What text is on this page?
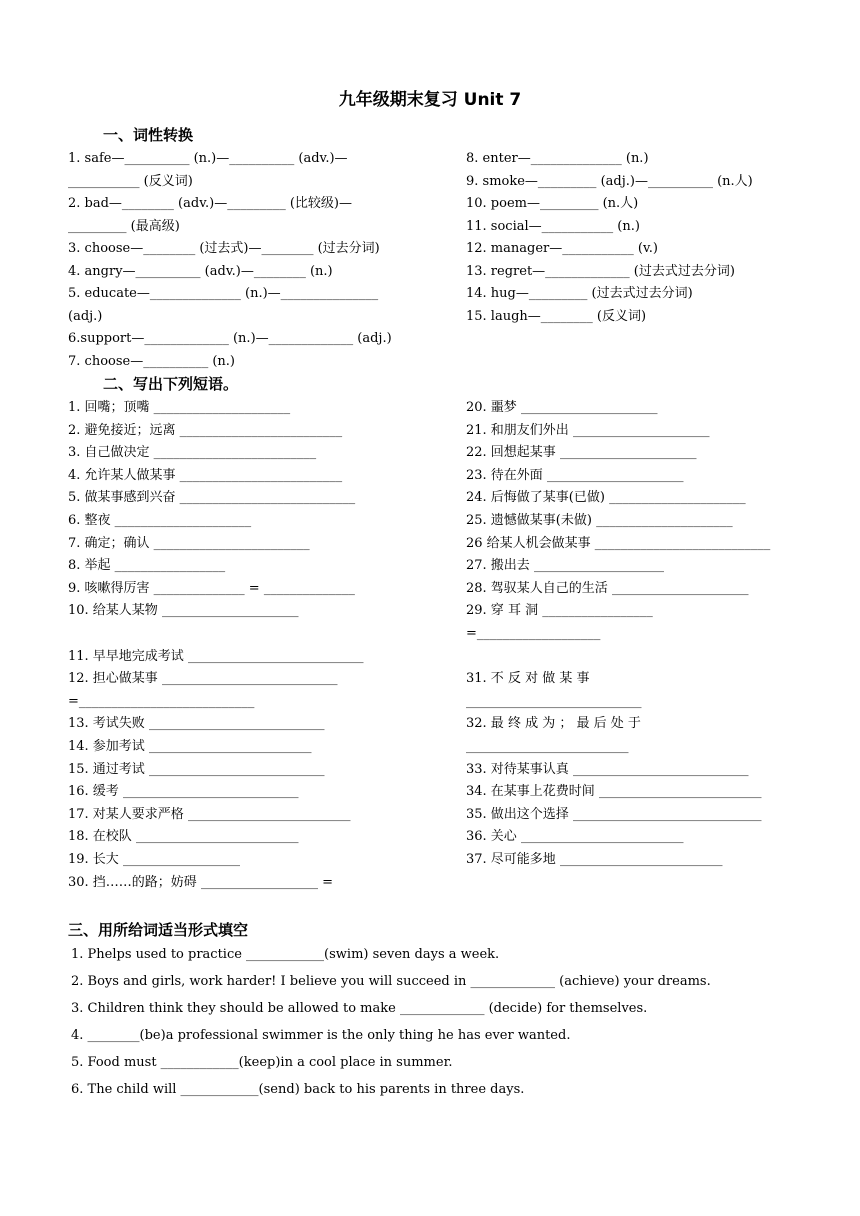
九年级期末复习 Unit 7
一、词性转换
1. safe—__________ (n.)—__________ (adv.)—
___________ (反义词)
2. bad—________ (adv.)—_________ (比较级)—
_________ (最高级)
3. choose—________ (过去式)—________ (过去分词)
4. angry—__________ (adv.)—________ (n.)
5. educate—______________ (n.)—_______________
(adj.)
6.support—_____________ (n.)—_____________ (adj.)
7. choose—__________ (n.)
8. enter—______________ (n.)
9. smoke—_________ (adj.)—__________ (n.人)
10. poem—_________ (n.人)
11. social—___________ (n.)
12. manager—___________ (v.)
13. regret—_____________ (过去式过去分词)
14. hug—_________ (过去式过去分词)
15. laugh—________ (反义词)
二、写出下列短语。
1. 回嘴；顶嘴 _____________________
2. 避免接近；远离 _________________________
3. 自己做决定 _________________________
4. 允许某人做某事 _________________________
5. 做某事感到兴奋 ___________________________
6. 整夜 _____________________
7. 确定；确认 ________________________
8. 举起 _________________
9. 咳嗽得厉害 ______________ = ______________
10. 给某人某物 _____________________
11. 早早地完成考试 ___________________________
12. 担心做某事 ___________________________
=___________________________
13. 考试失败 ___________________________
14. 参加考试 _________________________
15. 通过考试 ___________________________
16. 缓考 ___________________________
17. 对某人要求严格 _________________________
18. 在校队 _________________________
19. 长大 __________________
30. 挡……的路；妨碍 __________________ =
20. 噩梦 _____________________
21. 和朋友们外出 _____________________
22. 回想起某事 _____________________
23. 待在外面 _____________________
24. 后悔做了某事(已做) _____________________
25. 遗憾做某事(未做) _____________________
26 给某人机会做某事 ___________________________
27. 搬出去 ____________________
28. 驾驭某人自己的生活 _____________________
29. 穿 耳 洞 _________________
=___________________
31. 不 反 对 做 某 事
___________________________
32. 最 终 成 为 ； 最 后 处 于
_________________________
33. 对待某事认真 ___________________________
34. 在某事上花费时间 _________________________
35. 做出这个选择 _____________________________
36. 关心 _________________________
37. 尽可能多地 _________________________
三、用所给词适当形式填空
1. Phelps used to practice ____________(swim) seven days a week.
2. Boys and girls, work harder! I believe you will succeed in _____________ (achieve) your dreams.
3. Children think they should be allowed to make _____________ (decide) for themselves.
4. ________(be)a professional swimmer is the only thing he has ever wanted.
5. Food must ____________(keep)in a cool place in summer.
6. The child will ____________(send) back to his parents in three days.
